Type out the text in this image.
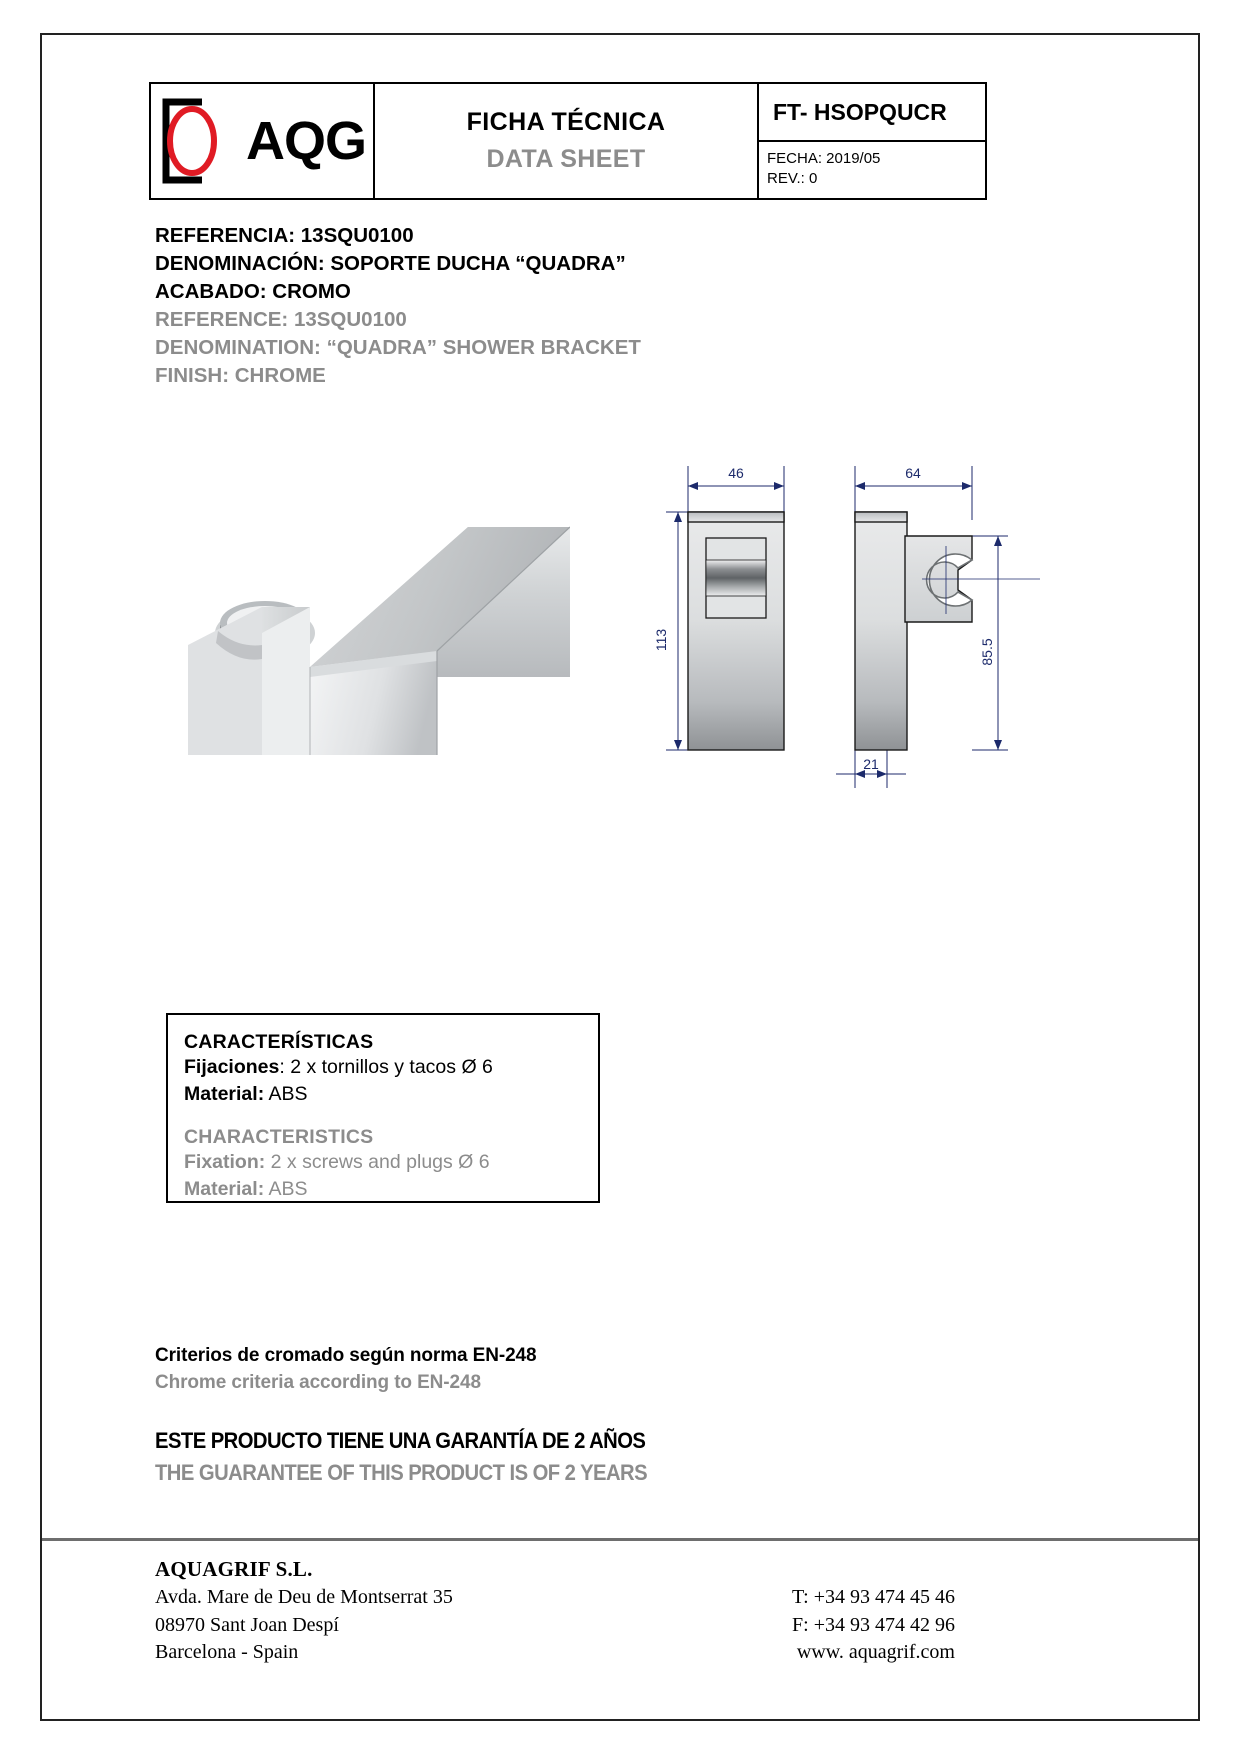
AQG	FICHA TÉCNICA
DATA SHEET
FT- HSOPQUCR
FECHA: 2019/05
REV.: 0
REFERENCIA: 13SQU0100
DENOMINACIÓN: SOPORTE DUCHA “QUADRA”
ACABADO: CROMO
REFERENCE: 13SQU0100
DENOMINATION: “QUADRA” SHOWER BRACKET
FINISH: CHROME
46
113
64
85.5
21
CARACTERÍSTICAS
Fijaciones: 2 x tornillos y tacos Ø 6
Material: ABS
CHARACTERISTICS
Fixation: 2 x screws and plugs Ø 6
Material: ABS
Criterios de cromado según norma EN-248
Chrome criteria according to EN-248
ESTE PRODUCTO TIENE UNA GARANTÍA DE 2 AÑOS
THE GUARANTEE OF THIS PRODUCT IS OF 2 YEARS
AQUAGRIF S.L.
Avda. Mare de Deu de Montserrat 35
08970 Sant Joan Despí
Barcelona - Spain
T: +34 93 474 45 46
F: +34 93 474 42 96
www. aquagrif.com
